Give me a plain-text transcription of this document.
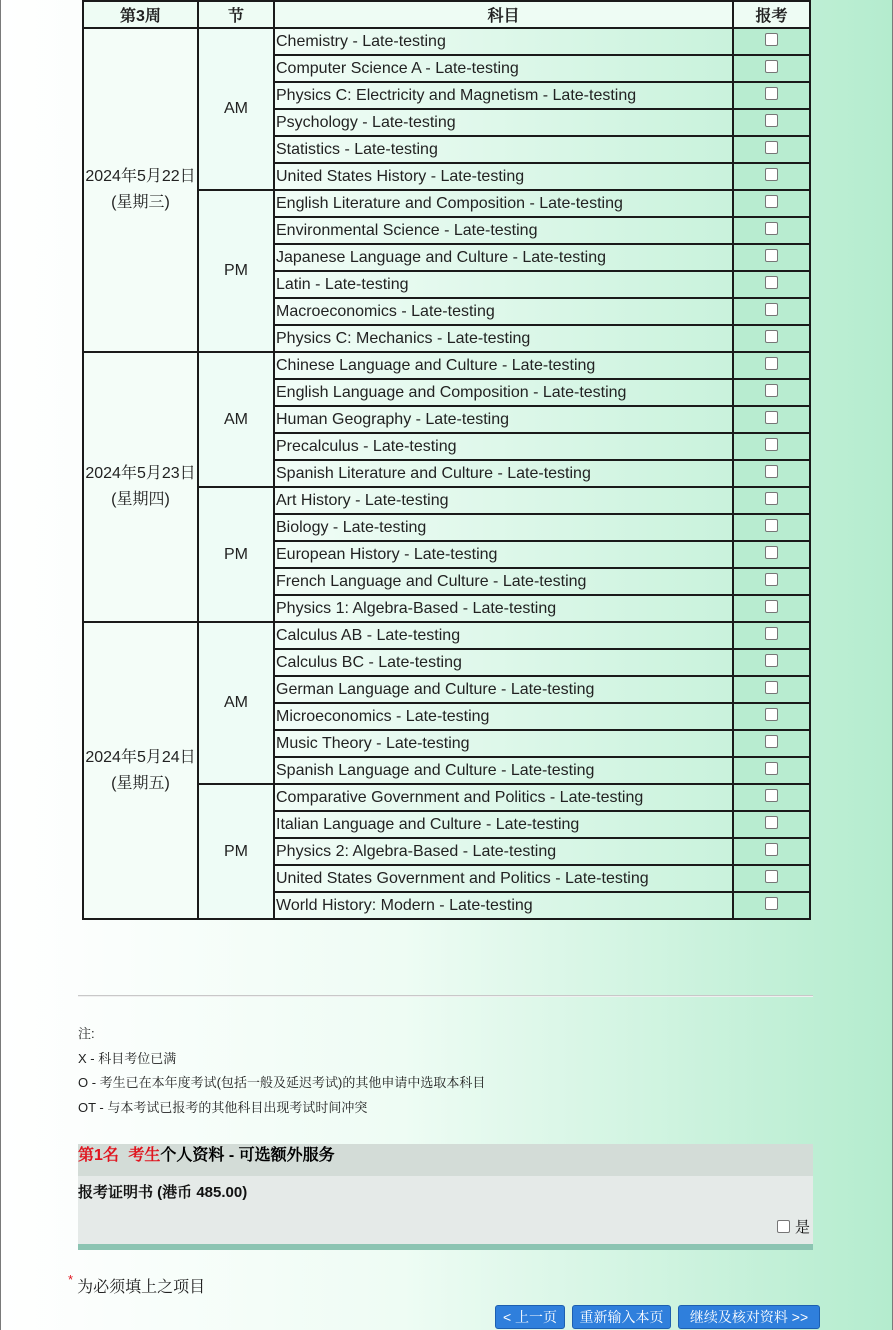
第3周	节	科目	报考
2024年5月22日 (星期三)	AM	Chemistry - Late-testing	
		Computer Science A - Late-testing	
		Physics C: Electricity and Magnetism - Late-testing	
		Psychology - Late-testing	
		Statistics - Late-testing	
		United States History - Late-testing	
	PM	English Literature and Composition - Late-testing	
		Environmental Science - Late-testing	
		Japanese Language and Culture - Late-testing	
		Latin - Late-testing	
		Macroeconomics - Late-testing	
		Physics C: Mechanics - Late-testing	
2024年5月23日 (星期四)	AM	Chinese Language and Culture - Late-testing	
		English Language and Composition - Late-testing	
		Human Geography - Late-testing	
		Precalculus - Late-testing	
		Spanish Literature and Culture - Late-testing	
	PM	Art History - Late-testing	
		Biology - Late-testing	
		European History - Late-testing	
		French Language and Culture - Late-testing	
		Physics 1: Algebra-Based - Late-testing	
2024年5月24日 (星期五)	AM	Calculus AB - Late-testing	
		Calculus BC - Late-testing	
		German Language and Culture - Late-testing	
		Microeconomics - Late-testing	
		Music Theory - Late-testing	
		Spanish Language and Culture - Late-testing	
	PM	Comparative Government and Politics - Late-testing	
		Italian Language and Culture - Late-testing	
		Physics 2: Algebra-Based - Late-testing	
		United States Government and Politics - Late-testing	
		World History: Modern - Late-testing	
注:
X - 科目考位已满
O - 考生已在本年度考试(包括一般及延迟考试)的其他申请中选取本科目
OT - 与本考试已报考的其他科目出现考试时间冲突
第1名 考生个人资料 - 可选额外服务
报考证明书 (港币 485.00)
是
* 为必须填上之项目
< 上一页	重新输入本页	继续及核对资料 >>
